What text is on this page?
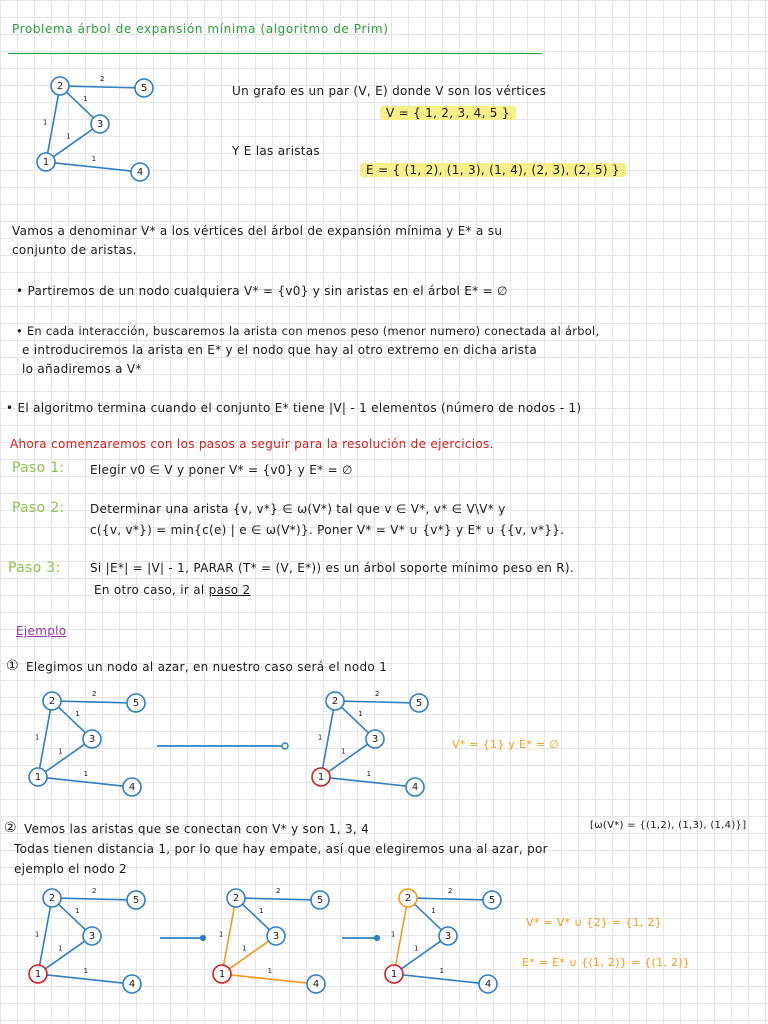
Problema árbol de expansión mínima (algoritmo de Prim)
1
1
1
1
2
1
2
3
4
5	Un grafo es un par (V, E) donde V son los vértices
V = { 1, 2, 3, 4, 5 }
Y E las aristas
E = { (1, 2), (1, 3), (1, 4), (2, 3), (2, 5) }
Vamos a denominar V* a los vértices del árbol de expansión mínima y E* a su
conjunto de aristas.
• Partiremos de un nodo cualquiera V* = {v0} y sin aristas en el árbol E* = ∅
• En cada interacción, buscaremos la arista con menos peso (menor numero) conectada al árbol,
e introduciremos la arista en E* y el nodo que hay al otro extremo en dicha arista
lo añadiremos a V*
• El algoritmo termina cuando el conjunto E* tiene |V| - 1 elementos (número de nodos - 1)
Ahora comenzaremos con los pasos a seguir para la resolución de ejercicios.
Paso 1: Elegir v0 ∈ V y poner V* = {v0} y E* = ∅
Paso 2: Determinar una arista {v, v*} ∈ ω(V*) tal que v ∈ V*, v* ∈ V\V* y
c({v, v*}) = min{c(e) | e ∈ ω(V*)}. Poner V* = V* ∪ {v*} y E* ∪ {{v, v*}}.
Paso 3: Si |E*| = |V| - 1, PARAR (T* = (V, E*)) es un árbol soporte mínimo peso en R).
En otro caso, ir al paso 2
Ejemplo
① Elegimos un nodo al azar, en nuestro caso será el nodo 1
1
1
1
1
2
1
2
3
4
5
1
1
1
1
2
1
2
3
4
5
V* = {1} y E* = ∅
② Vemos las aristas que se conectan con V* y son 1, 3, 4	[ω(V*) = {(1,2), (1,3), (1,4)}]
Todas tienen distancia 1, por lo que hay empate, así que elegiremos una al azar, por
ejemplo el nodo 2
1
1
1
1
2
1
2
3
4
5
1
1
1
1
2
1
2
3
4
5
1
1
1
1
2
1
2
3
4
5
V* = V* ∪ {2} = {1, 2}
E* = E* ∪ {(1, 2)} = {(1, 2)}
